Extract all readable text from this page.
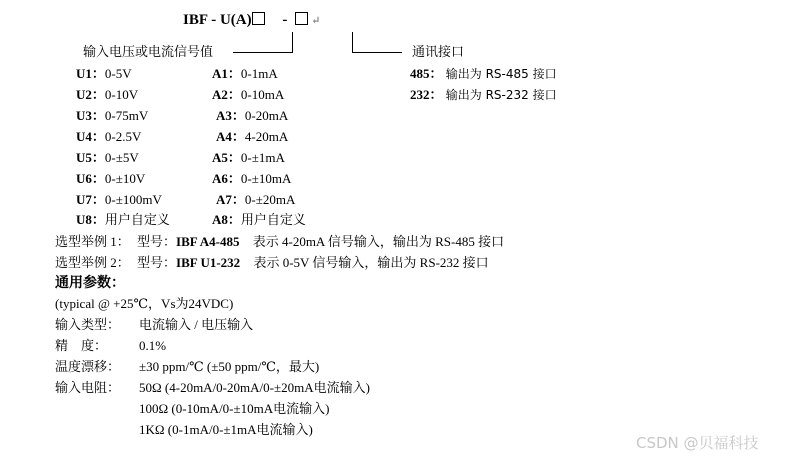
IBF - U(A) - ↵
输入电压或电流信号值	通讯接口
U1：0-5V	A1：0-1mA	485： 输出为 RS-485 接口
U2：0-10V	A2：0-10mA	232： 输出为 RS-232 接口
U3：0-75mV	A3：0-20mA
U4：0-2.5V	A4：4-20mA
U5：0-±5V	A5：0-±1mA
U6：0-±10V	A6：0-±10mA
U7：0-±100mV	A7：0-±20mA
U8：用户自定义	A8：用户自定义
选型举例 1： 型号：IBF A4-485 表示 4-20mA 信号输入，输出为 RS-485 接口
选型举例 2： 型号：IBF U1-232 表示 0-5V 信号输入，输出为 RS-232 接口
通用参数：
(typical @ +25℃，Vs为24VDC)
输入类型： 电流输入 / 电压输入
精    度： 0.1%
温度漂移： ±30 ppm/℃ (±50 ppm/℃，最大)
输入电阻： 50Ω (4-20mA/0-20mA/0-±20mA电流输入)
100Ω (0-10mA/0-±10mA电流输入)
1KΩ (0-1mA/0-±1mA电流输入)
CSDN @贝福科技
